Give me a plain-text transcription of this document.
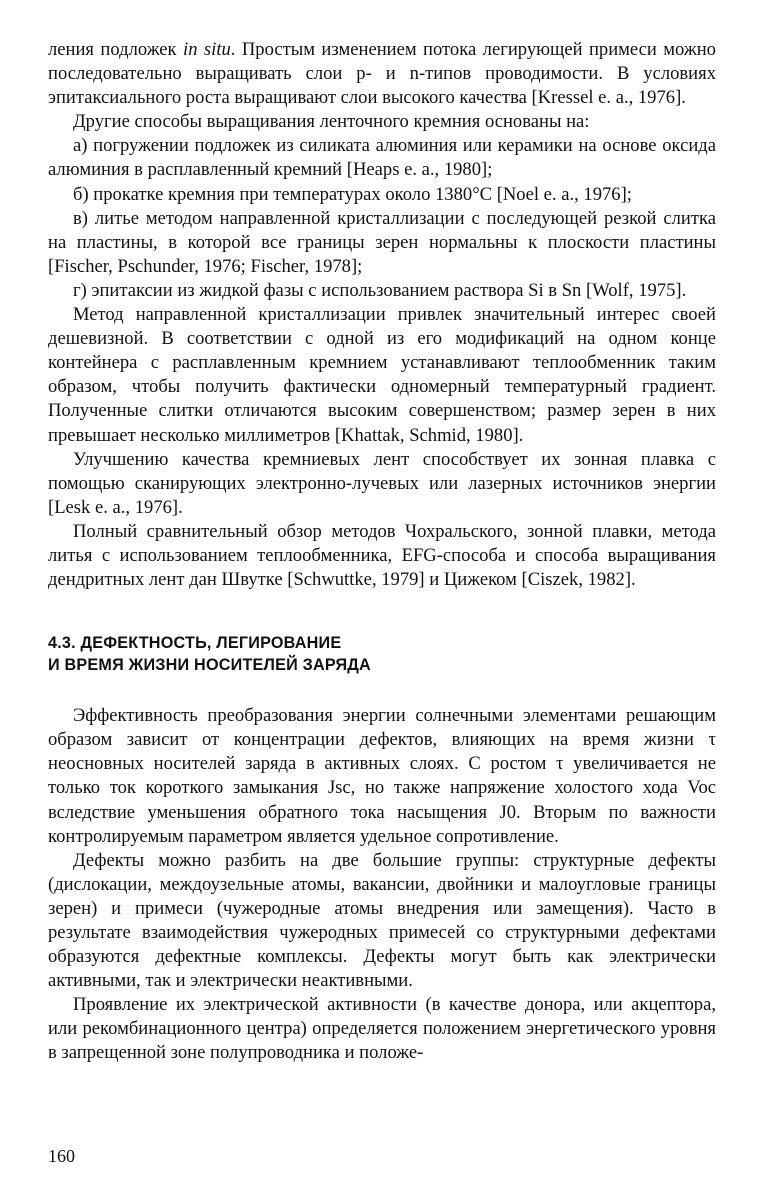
ления подложек in situ. Простым изменением потока легирующей примеси можно последовательно выращивать слои p- и n-типов проводимости. В условиях эпитаксиального роста выращивают слои высокого качества [Kressel e. a., 1976].

Другие способы выращивания ленточного кремния основаны на:

а) погружении подложек из силиката алюминия или керамики на основе оксида алюминия в расплавленный кремний [Heaps e. a., 1980];

б) прокатке кремния при температурах около 1380°C [Noel e. a., 1976];

в) литье методом направленной кристаллизации с последующей резкой слитка на пластины, в которой все границы зерен нормальны к плоскости пластины [Fischer, Pschunder, 1976; Fischer, 1978];

г) эпитаксии из жидкой фазы с использованием раствора Si в Sn [Wolf, 1975].

Метод направленной кристаллизации привлек значительный интерес своей дешевизной. В соответствии с одной из его модификаций на одном конце контейнера с расплавленным кремнием устанавливают теплообменник таким образом, чтобы получить фактически одномерный температурный градиент. Полученные слитки отличаются высоким совершенством; размер зерен в них превышает несколько миллиметров [Khattak, Schmid, 1980].

Улучшению качества кремниевых лент способствует их зонная плавка с помощью сканирующих электронно-лучевых или лазерных источников энергии [Lesk e. a., 1976].

Полный сравнительный обзор методов Чохральского, зонной плавки, метода литья с использованием теплообменника, EFG-способа и способа выращивания дендритных лент дан Швутке [Schwuttke, 1979] и Цижеком [Ciszek, 1982].

4.3. ДЕФЕКТНОСТЬ, ЛЕГИРОВАНИЕ
И ВРЕМЯ ЖИЗНИ НОСИТЕЛЕЙ ЗАРЯДА

Эффективность преобразования энергии солнечными элементами решающим образом зависит от концентрации дефектов, влияющих на время жизни τ неосновных носителей заряда в активных слоях. С ростом τ увеличивается не только ток короткого замыкания Jsc, но также напряжение холостого хода Voc вследствие уменьшения обратного тока насыщения J0. Вторым по важности контролируемым параметром является удельное сопротивление.

Дефекты можно разбить на две большие группы: структурные дефекты (дислокации, междоузельные атомы, вакансии, двойники и малоугловые границы зерен) и примеси (чужеродные атомы внедрения или замещения). Часто в результате взаимодействия чужеродных примесей со структурными дефектами образуются дефектные комплексы. Дефекты могут быть как электрически активными, так и электрически неактивными.

Проявление их электрической активности (в качестве донора, или акцептора, или рекомбинационного центра) определяется положением энергетического уровня в запрещенной зоне полупроводника и положе-

160
